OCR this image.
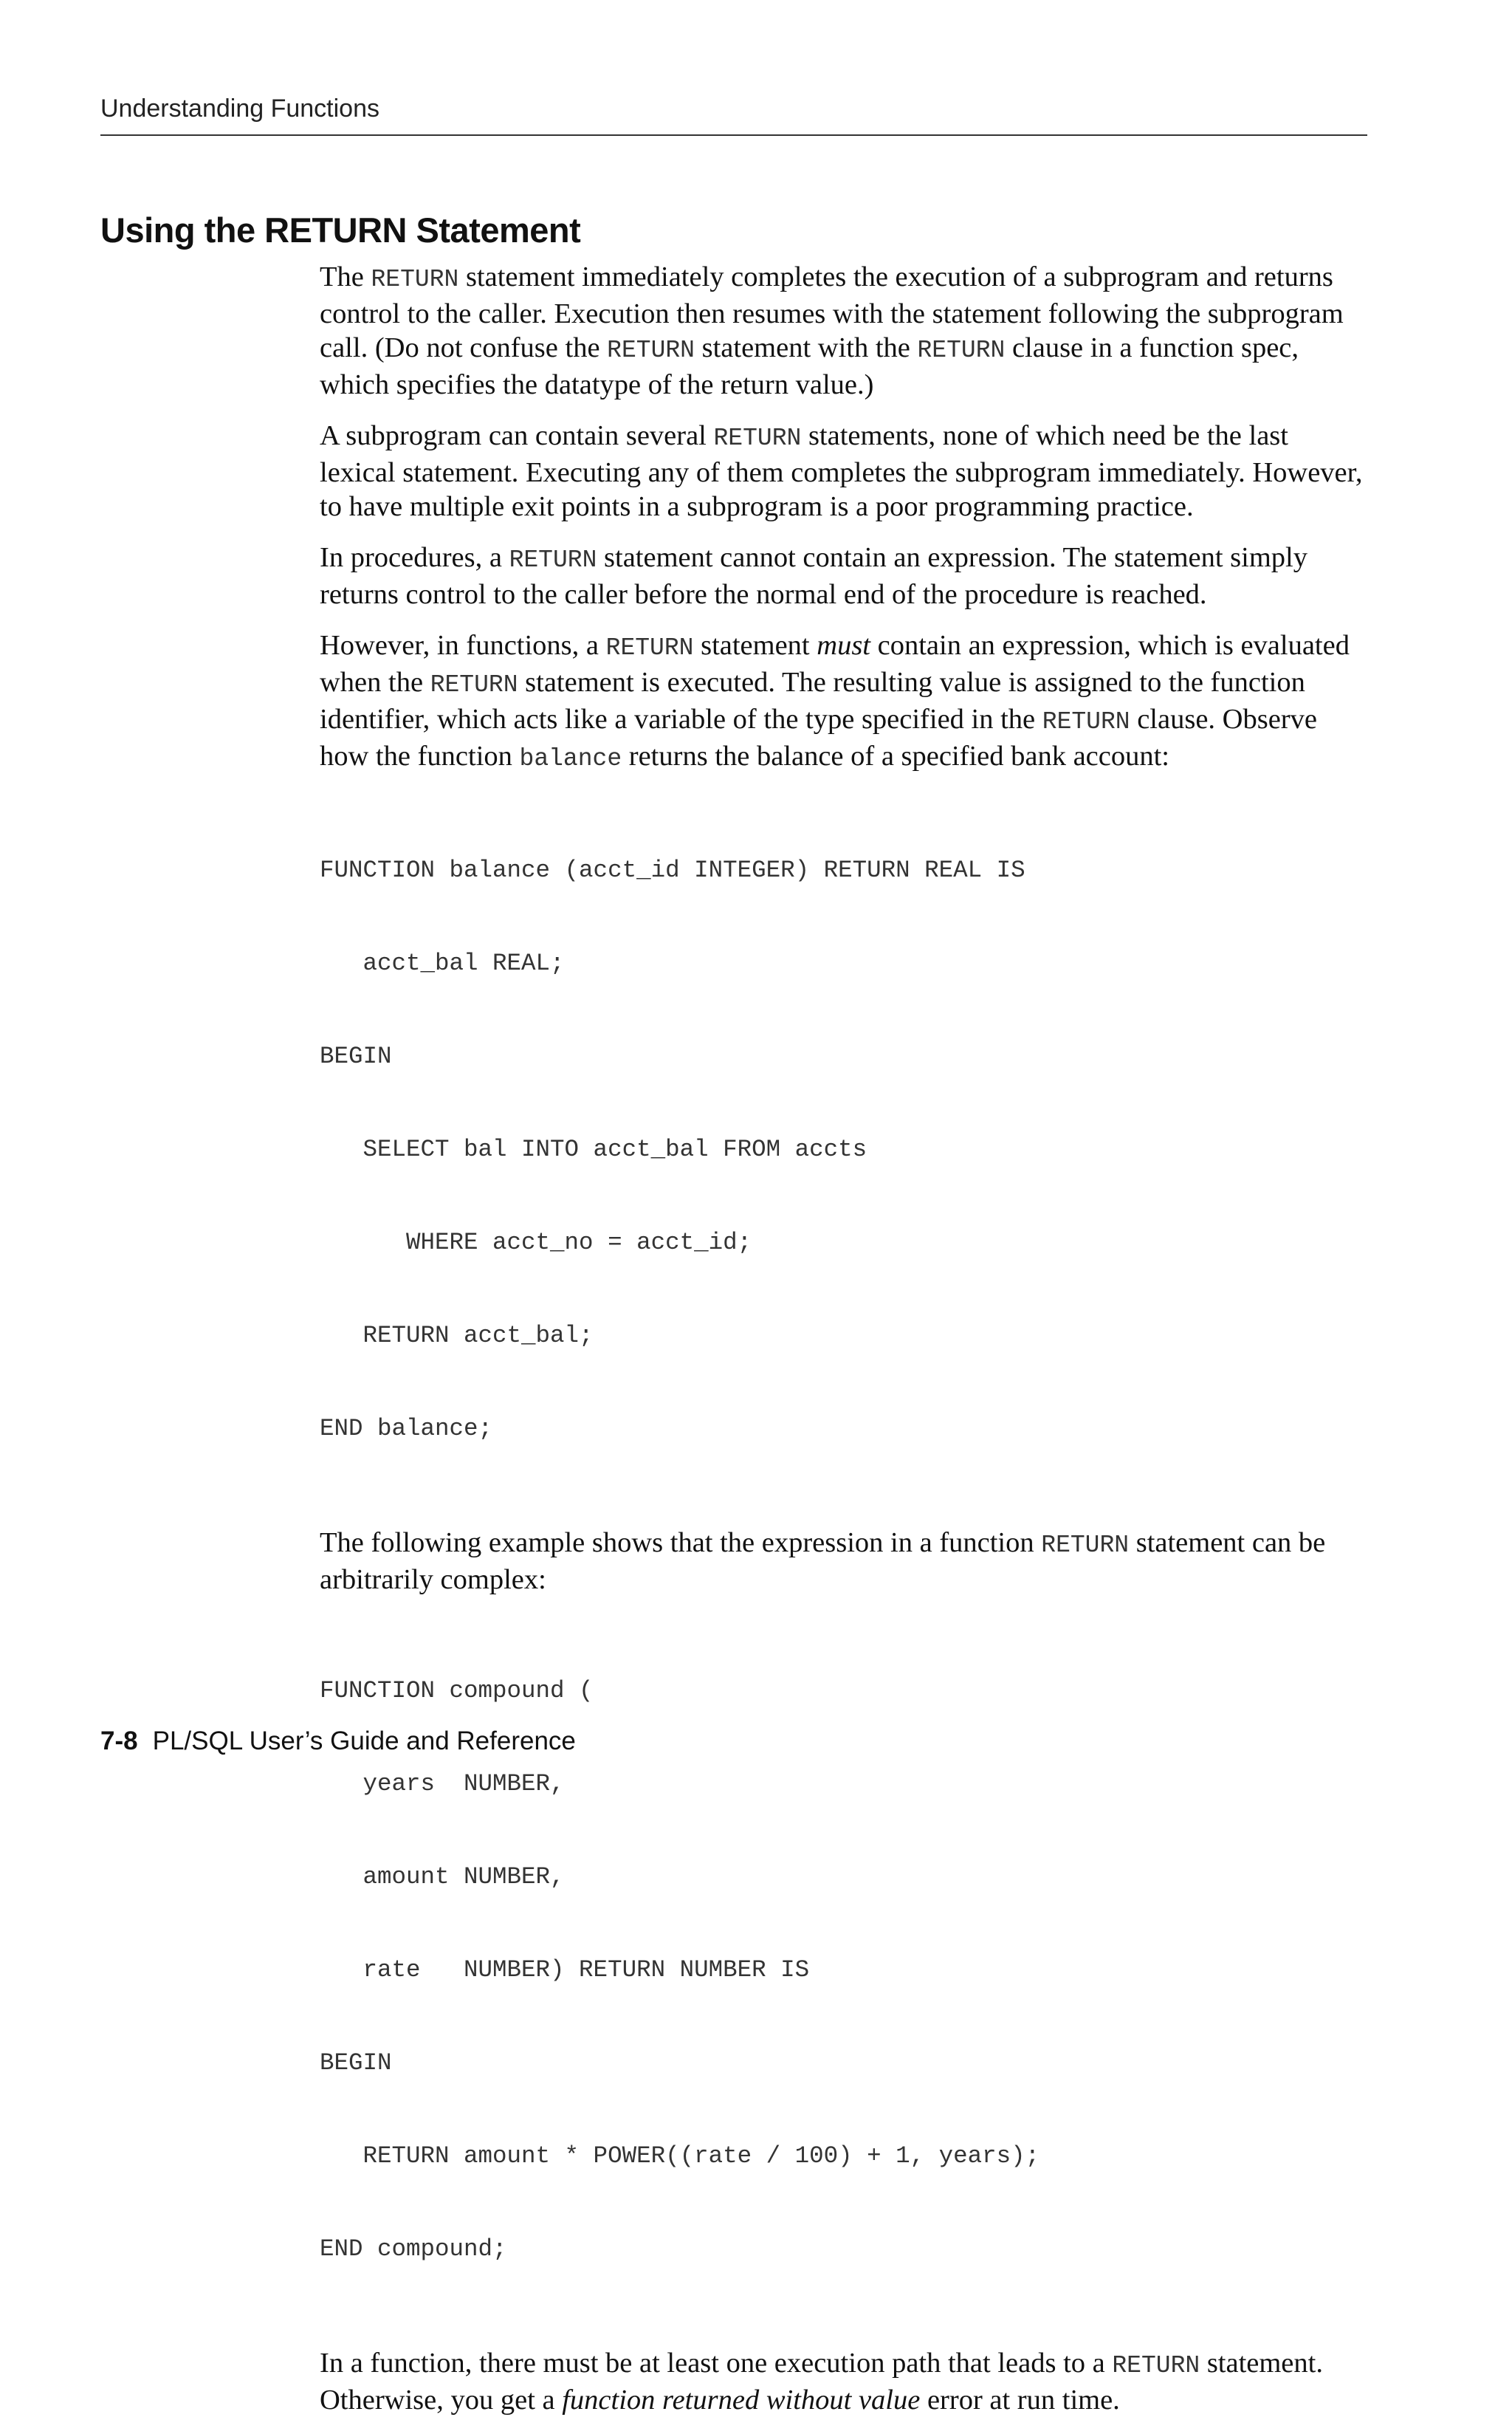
Understanding Functions
Using the RETURN Statement

The RETURN statement immediately completes the execution of a subprogram and returns control to the caller. Execution then resumes with the statement following the subprogram call. (Do not confuse the RETURN statement with the RETURN clause in a function spec, which specifies the datatype of the return value.)

A subprogram can contain several RETURN statements, none of which need be the last lexical statement. Executing any of them completes the subprogram immediately. However, to have multiple exit points in a subprogram is a poor programming practice.

In procedures, a RETURN statement cannot contain an expression. The statement simply returns control to the caller before the normal end of the procedure is reached.

However, in functions, a RETURN statement must contain an expression, which is evaluated when the RETURN statement is executed. The resulting value is assigned to the function identifier, which acts like a variable of the type specified in the RETURN clause. Observe how the function balance returns the balance of a specified bank account:

FUNCTION balance (acct_id INTEGER) RETURN REAL IS

acct_bal REAL;

BEGIN

SELECT bal INTO acct_bal FROM accts

WHERE acct_no = acct_id;

RETURN acct_bal;

END balance;

The following example shows that the expression in a function RETURN statement can be arbitrarily complex:

FUNCTION compound (

years  NUMBER,

amount NUMBER,

rate   NUMBER) RETURN NUMBER IS

BEGIN

RETURN amount * POWER((rate / 100) + 1, years);

END compound;

In a function, there must be at least one execution path that leads to a RETURN statement. Otherwise, you get a function returned without value error at run time.

7-8 PL/SQL User’s Guide and Reference
